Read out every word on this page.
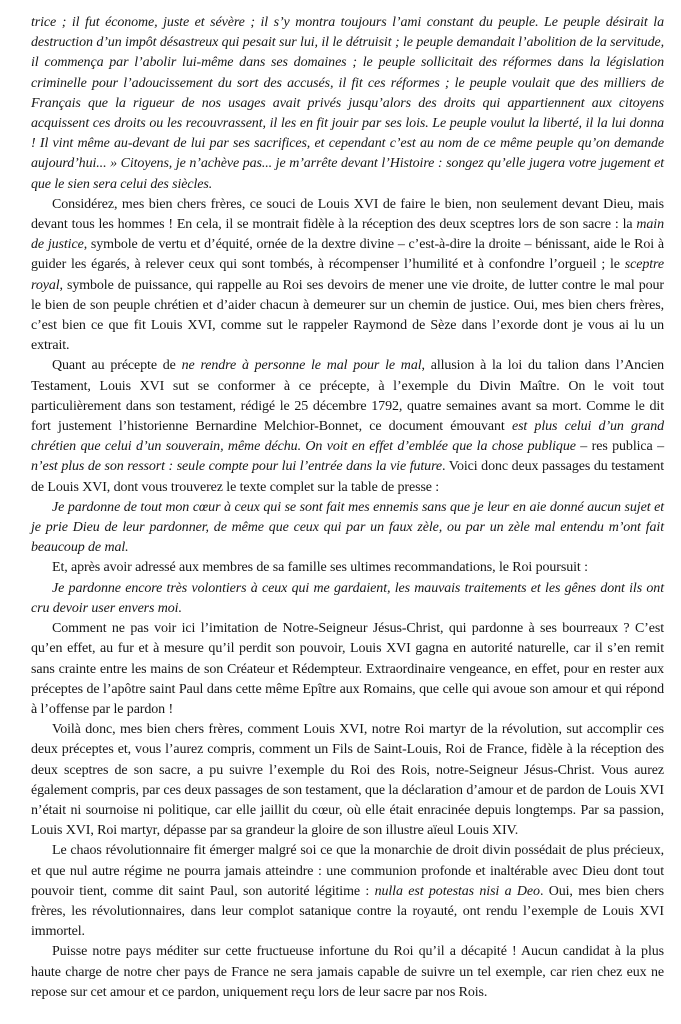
trice ; il fut économe, juste et sévère ; il s’y montra toujours l’ami constant du peuple. Le peuple désirait la destruction d’un impôt désastreux qui pesait sur lui, il le détruisit ; le peuple demandait l’abolition de la servitude, il commença par l’abolir lui-même dans ses domaines ; le peuple sollicitait des réformes dans la législation criminelle pour l’adoucissement du sort des accusés, il fit ces réformes ; le peuple voulait que des milliers de Français que la rigueur de nos usages avait privés jusqu’alors des droits qui appartiennent aux citoyens acquissent ces droits ou les recouvrassent, il les en fit jouir par ses lois. Le peuple voulut la liberté, il la lui donna ! Il vint même au-devant de lui par ses sacrifices, et cependant c’est au nom de ce même peuple qu’on demande aujourd’hui... » Citoyens, je n’achève pas... je m’arrête devant l’Histoire : songez qu’elle jugera votre jugement et que le sien sera celui des siècles.

Considérez, mes bien chers frères, ce souci de Louis XVI de faire le bien, non seulement devant Dieu, mais devant tous les hommes ! En cela, il se montrait fidèle à la réception des deux sceptres lors de son sacre : la main de justice, symbole de vertu et d’équité, ornée de la dextre divine – c’est-à-dire la droite – bénissant, aide le Roi à guider les égarés, à relever ceux qui sont tombés, à récompenser l’humilité et à confondre l’orgueil ; le sceptre royal, symbole de puissance, qui rappelle au Roi ses devoirs de mener une vie droite, de lutter contre le mal pour le bien de son peuple chrétien et d’aider chacun à demeurer sur un chemin de justice. Oui, mes bien chers frères, c’est bien ce que fit Louis XVI, comme sut le rappeler Raymond de Sèze dans l’exorde dont je vous ai lu un extrait.

Quant au précepte de ne rendre à personne le mal pour le mal, allusion à la loi du talion dans l’Ancien Testament, Louis XVI sut se conformer à ce précepte, à l’exemple du Divin Maître. On le voit tout particulièrement dans son testament, rédigé le 25 décembre 1792, quatre semaines avant sa mort. Comme le dit fort justement l’historienne Bernardine Melchior-Bonnet, ce document émouvant est plus celui d’un grand chrétien que celui d’un souverain, même déchu. On voit en effet d’emblée que la chose publique – res publica – n’est plus de son ressort : seule compte pour lui l’entrée dans la vie future. Voici donc deux passages du testament de Louis XVI, dont vous trouverez le texte complet sur la table de presse :

Je pardonne de tout mon cœur à ceux qui se sont fait mes ennemis sans que je leur en aie donné aucun sujet et je prie Dieu de leur pardonner, de même que ceux qui par un faux zèle, ou par un zèle mal entendu m’ont fait beaucoup de mal.

Et, après avoir adressé aux membres de sa famille ses ultimes recommandations, le Roi poursuit :

Je pardonne encore très volontiers à ceux qui me gardaient, les mauvais traitements et les gênes dont ils ont cru devoir user envers moi.

Comment ne pas voir ici l’imitation de Notre-Seigneur Jésus-Christ, qui pardonne à ses bourreaux ? C’est qu’en effet, au fur et à mesure qu’il perdit son pouvoir, Louis XVI gagna en autorité naturelle, car il s’en remit sans crainte entre les mains de son Créateur et Rédempteur. Extraordinaire vengeance, en effet, pour en rester aux préceptes de l’apôtre saint Paul dans cette même Epître aux Romains, que celle qui avoue son amour et qui répond à l’offense par le pardon !

Voilà donc, mes bien chers frères, comment Louis XVI, notre Roi martyr de la révolution, sut accomplir ces deux préceptes et, vous l’aurez compris, comment un Fils de Saint-Louis, Roi de France, fidèle à la réception des deux sceptres de son sacre, a pu suivre l’exemple du Roi des Rois, notre-Seigneur Jésus-Christ. Vous aurez également compris, par ces deux passages de son testament, que la déclaration d’amour et de pardon de Louis XVI n’était ni sournoise ni politique, car elle jaillit du cœur, où elle était enracinée depuis longtemps. Par sa passion, Louis XVI, Roi martyr, dépasse par sa grandeur la gloire de son illustre aïeul Louis XIV.

Le chaos révolutionnaire fit émerger malgré soi ce que la monarchie de droit divin possédait de plus précieux, et que nul autre régime ne pourra jamais atteindre : une communion profonde et inaltérable avec Dieu dont tout pouvoir tient, comme dit saint Paul, son autorité légitime : nulla est potestas nisi a Deo. Oui, mes bien chers frères, les révolutionnaires, dans leur complot satanique contre la royauté, ont rendu l’exemple de Louis XVI immortel.

Puisse notre pays méditer sur cette fructueuse infortune du Roi qu’il a décapité ! Aucun candidat à la plus haute charge de notre cher pays de France ne sera jamais capable de suivre un tel exemple, car rien chez eux ne repose sur cet amour et ce pardon, uniquement reçu lors de leur sacre par nos Rois.
